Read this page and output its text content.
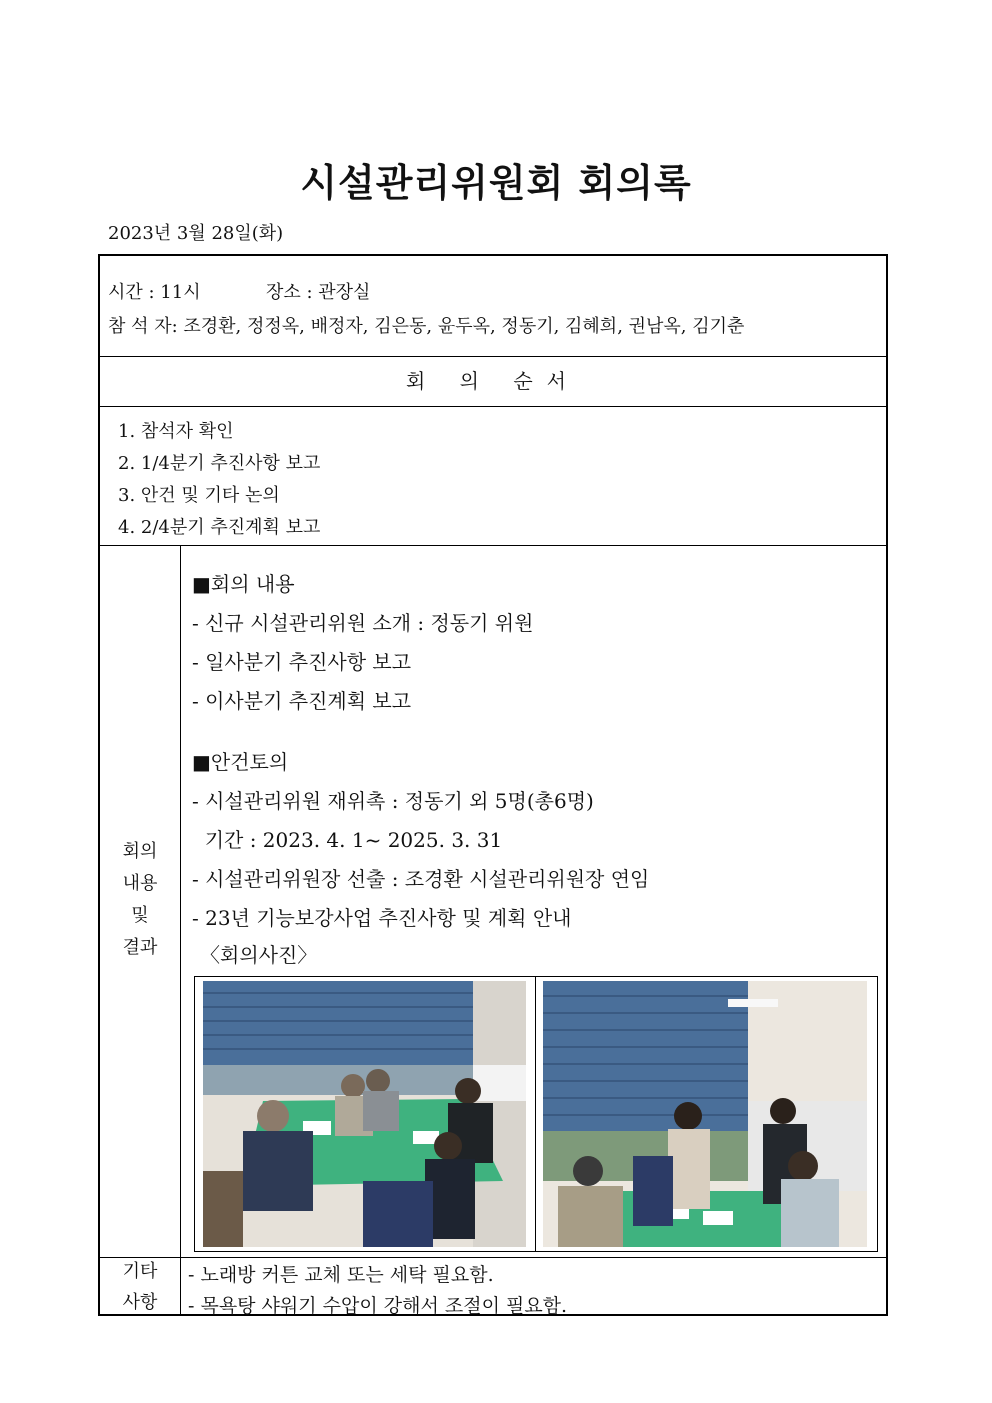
시설관리위원회 회의록
2023년 3월 28일(화)
시간 : 11시	장소 : 관장실
참 석 자: 조경환, 정정옥, 배정자, 김은동, 윤두옥, 정동기, 김혜희, 권남옥, 김기춘
회 의 순서
1. 참석자 확인
2. 1/4분기 추진사항 보고
3. 안건 및 기타 논의
4. 2/4분기 추진계획 보고
회의
내용
및
결과
■회의 내용
- 신규 시설관리위원 소개 : 정동기 위원
- 일사분기 추진사항 보고
- 이사분기 추진계획 보고
■안건토의
- 시설관리위원 재위촉 : 정동기 외 5명(총6명)
기간 : 2023. 4. 1~ 2025. 3. 31
- 시설관리위원장 선출 : 조경환 시설관리위원장 연임
- 23년 기능보강사업 추진사항 및 계획 안내
〈회의사진〉
기타
사항
- 노래방 커튼 교체 또는 세탁 필요함.
- 목욕탕 샤워기 수압이 강해서 조절이 필요함.
